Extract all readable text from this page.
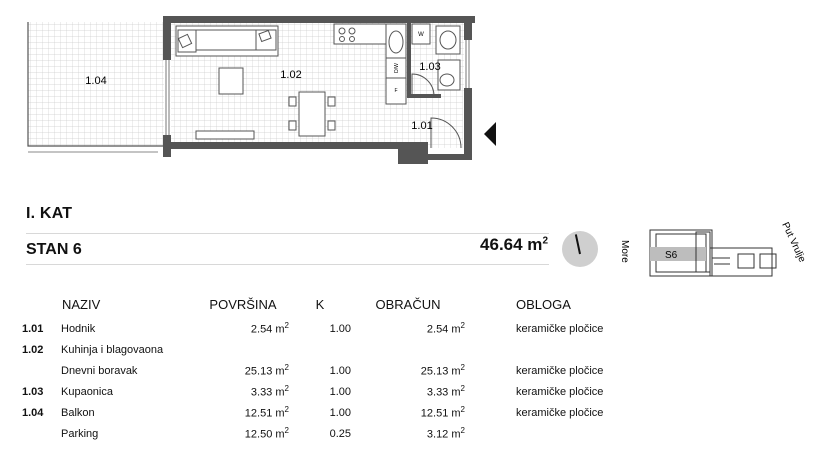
D/W
F
W
1.04	1.02
1.03
1.01
I. KAT
STAN 6	46.64 $m^2$	More	S6	Put Vrulje
	NAZIV	POVRŠINA	K	OBRAČUN	OBLOGA
1.01	Hodnik	2.54 $m^2$	1.00	2.54 $m^2$	keramičke pločice
1.02	Kuhinja i blagovaona				
	Dnevni boravak	25.13 $m^2$	1.00	25.13 $m^2$	keramičke pločice
1.03	Kupaonica	3.33 $m^2$	1.00	3.33 $m^2$	keramičke pločice
1.04	Balkon	12.51 $m^2$	1.00	12.51 $m^2$	keramičke pločice
	Parking	12.50 $m^2$	0.25	3.12 $m^2$	
